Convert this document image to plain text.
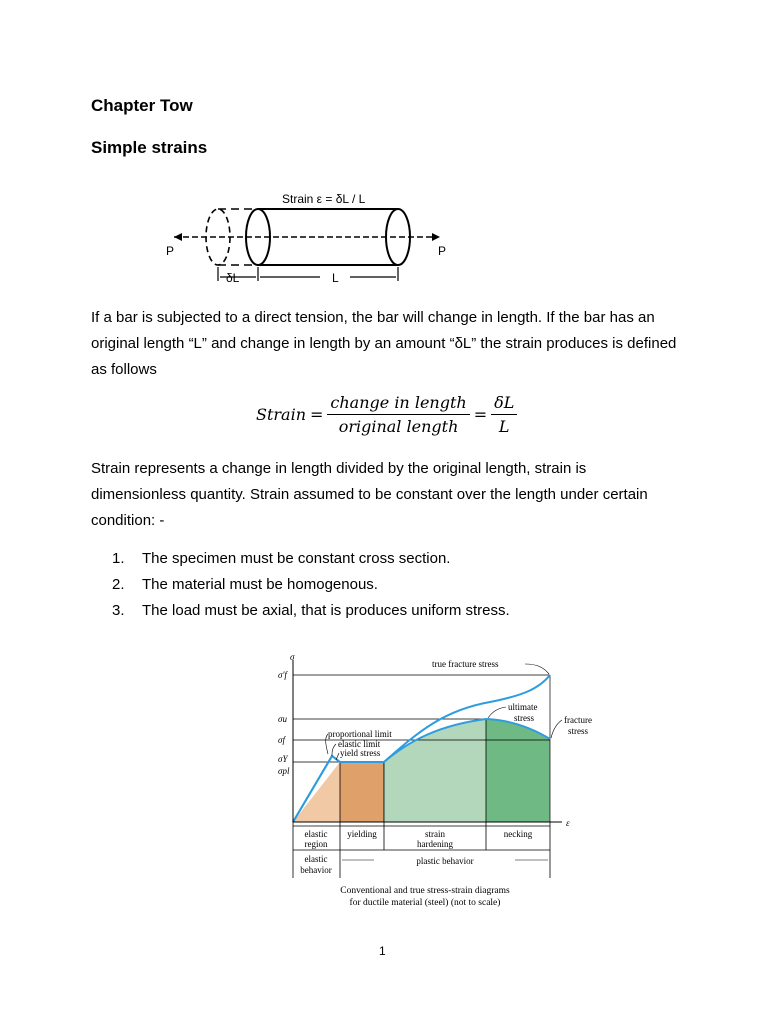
Chapter Tow
Simple strains
Strain ε = δL / L
P	P
δL	L
If a bar is subjected to a direct tension, the bar will change in length. If the bar has an original length “L” and change in length by an amount “δL” the strain produces is defined as follows
Strain = $\frac{\text{change in length}}{\text{original length}} = \frac{\delta L}{L}$
Strain represents a change in length divided by the original length, strain is dimensionless quantity. Strain assumed to be constant over the length under certain condition: -
1. The specimen must be constant cross section.
2. The material must be homogenous.
3. The load must be axial, that is produces uniform stress.
σ
ε
σ′f
σu
σf
σY
σpl
true fracture stress
ultimate
stress	fracture
stress
proportional limit
elastic limit
yield stress
elastic
region
yielding	strain
hardening
necking
elastic
behavior
plastic behavior
Conventional and true stress-strain diagrams
for ductile material (steel) (not to scale)
1
